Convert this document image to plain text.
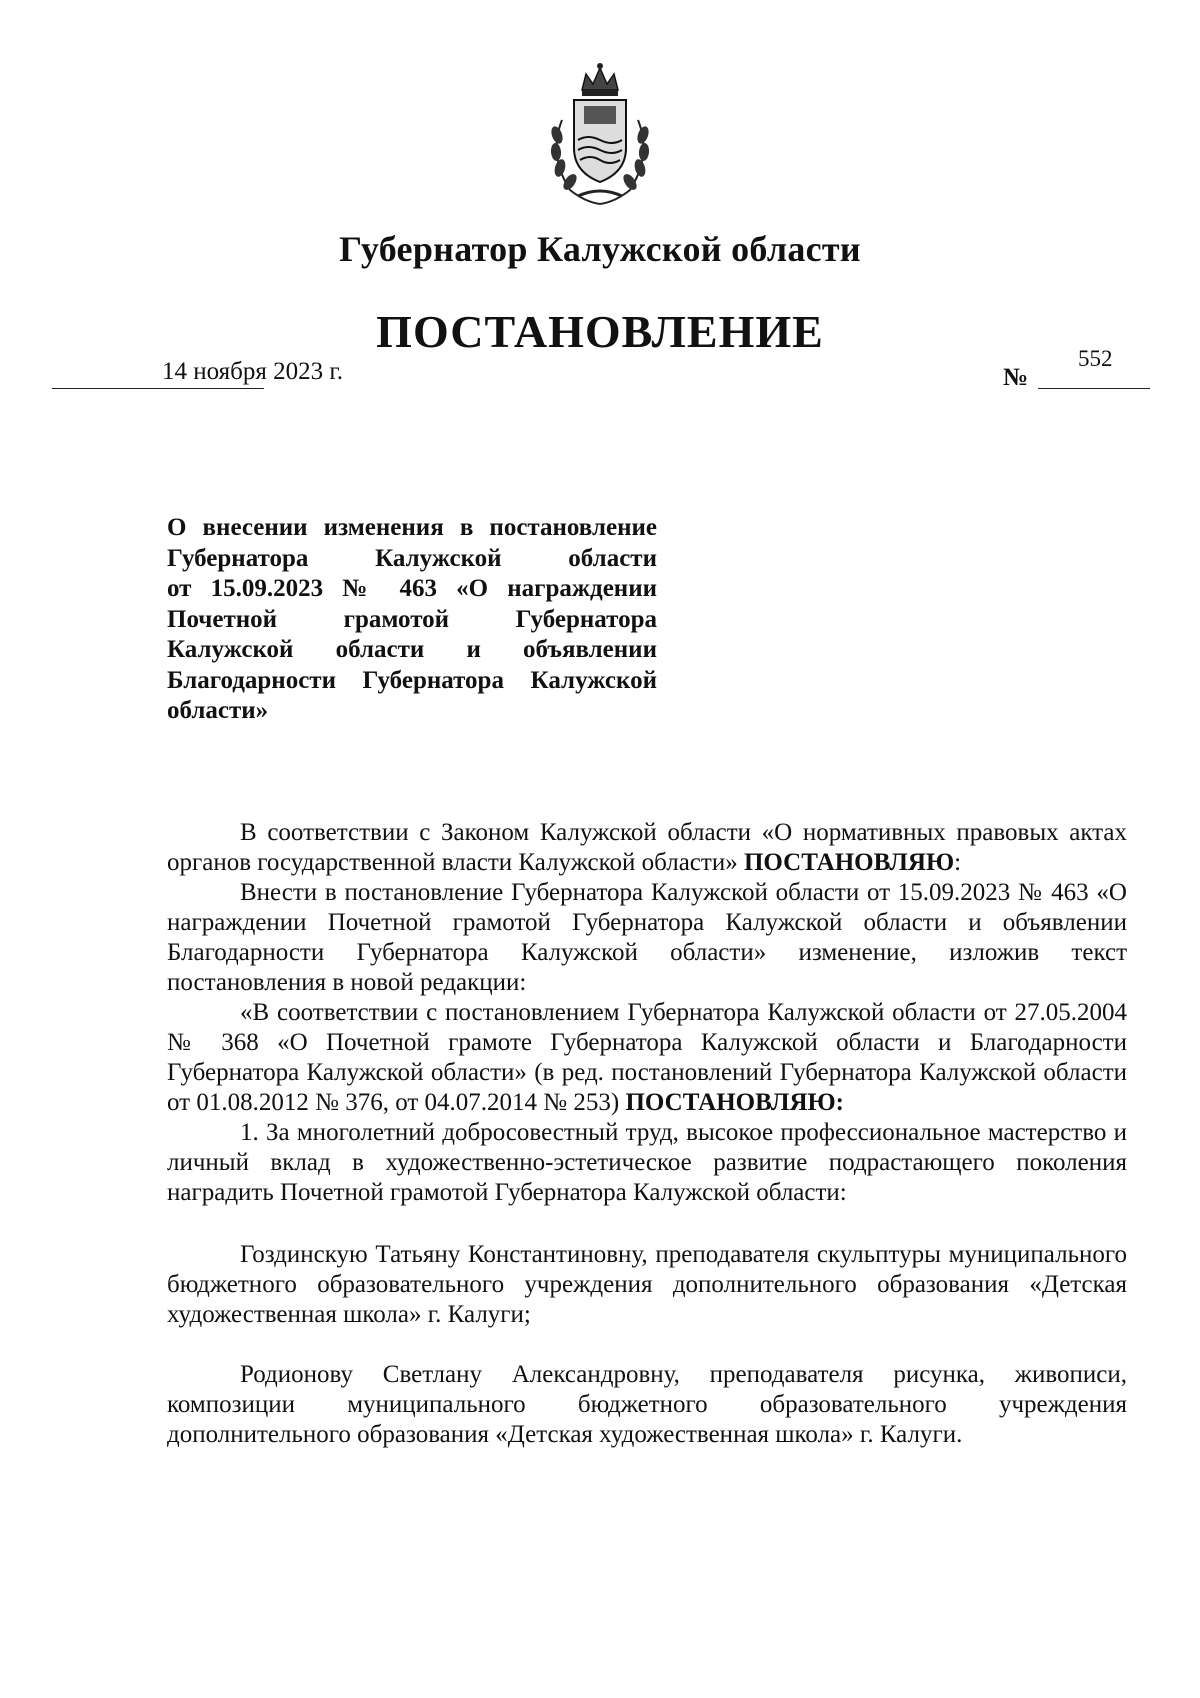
Губернатор Калужской области
ПОСТАНОВЛЕНИЕ
14 ноября 2023 г.	№
552
О внесении изменения в постановление
Губернатора Калужской области
от 15.09.2023 № 463 «О награждении
Почетной грамотой Губернатора
Калужской области и объявлении
Благодарности Губернатора Калужской
области»

В соответствии с Законом Калужской области «О нормативных правовых актах органов государственной власти Калужской области» ПОСТАНОВЛЯЮ:

Внести в постановление Губернатора Калужской области от 15.09.2023 № 463 «О награждении Почетной грамотой Губернатора Калужской области и объявлении Благодарности Губернатора Калужской области» изменение, изложив текст постановления в новой редакции:

«В соответствии с постановлением Губернатора Калужской области от 27.05.2004 № 368 «О Почетной грамоте Губернатора Калужской области и Благодарности Губернатора Калужской области» (в ред. постановлений Губернатора Калужской области от 01.08.2012 № 376, от 04.07.2014 № 253) ПОСТАНОВЛЯЮ:

1. За многолетний добросовестный труд, высокое профессиональное мастерство и личный вклад в художественно-эстетическое развитие подрастающего поколения наградить Почетной грамотой Губернатора Калужской области:

Гоздинскую Татьяну Константиновну, преподавателя скульптуры муниципального бюджетного образовательного учреждения дополнительного образования «Детская художественная школа» г. Калуги;

Родионову Светлану Александровну, преподавателя рисунка, живописи, композиции муниципального бюджетного образовательного учреждения дополнительного образования «Детская художественная школа» г. Калуги.
